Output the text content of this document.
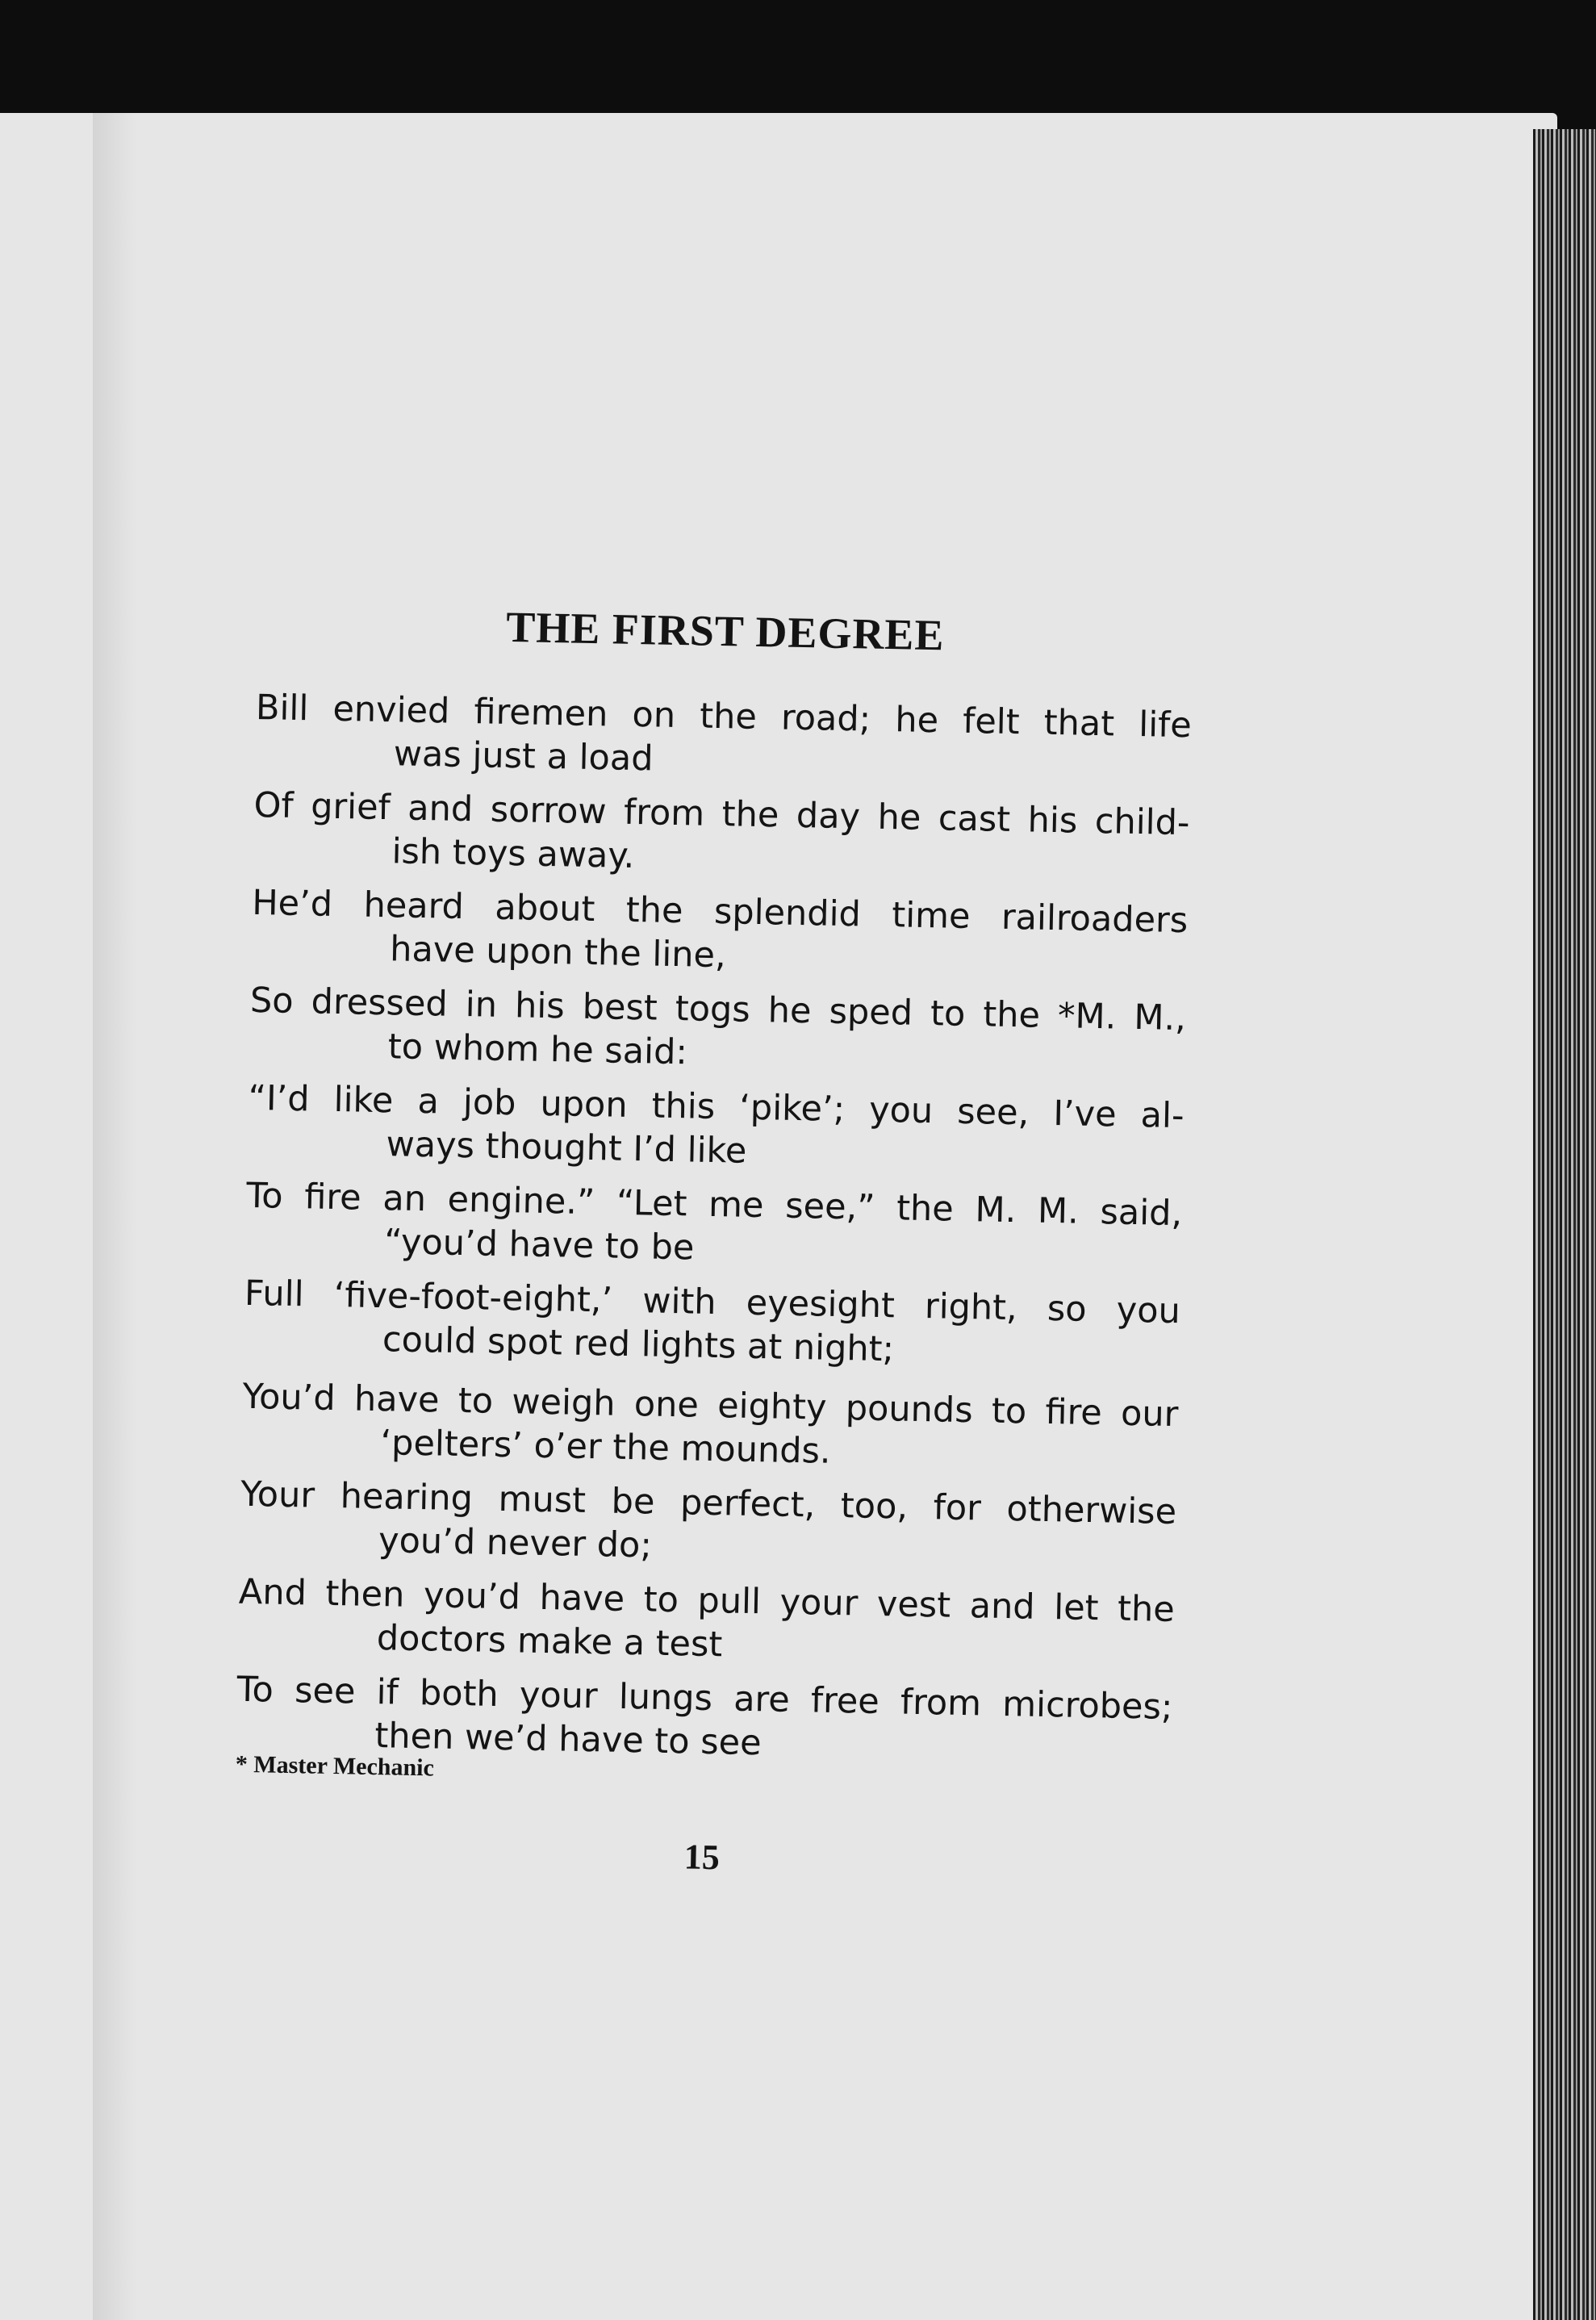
THE FIRST DEGREE
Bill envied firemen on the road; he felt that life
was just a load
Of grief and sorrow from the day he cast his child-
ish toys away.
He’d heard about the splendid time railroaders
have upon the line,
So dressed in his best togs he sped to the *M. M.,
to whom he said:
“I’d like a job upon this ‘pike’; you see, I’ve al-
ways thought I’d like
To fire an engine.” “Let me see,” the M. M. said,
“you’d have to be
Full ‘five-foot-eight,’ with eyesight right, so you
could spot red lights at night;
You’d have to weigh one eighty pounds to fire our
‘pelters’ o’er the mounds.
Your hearing must be perfect, too, for otherwise
you’d never do;
And then you’d have to pull your vest and let the
doctors make a test
To see if both your lungs are free from microbes;
then we’d have to see
* Master Mechanic
15
